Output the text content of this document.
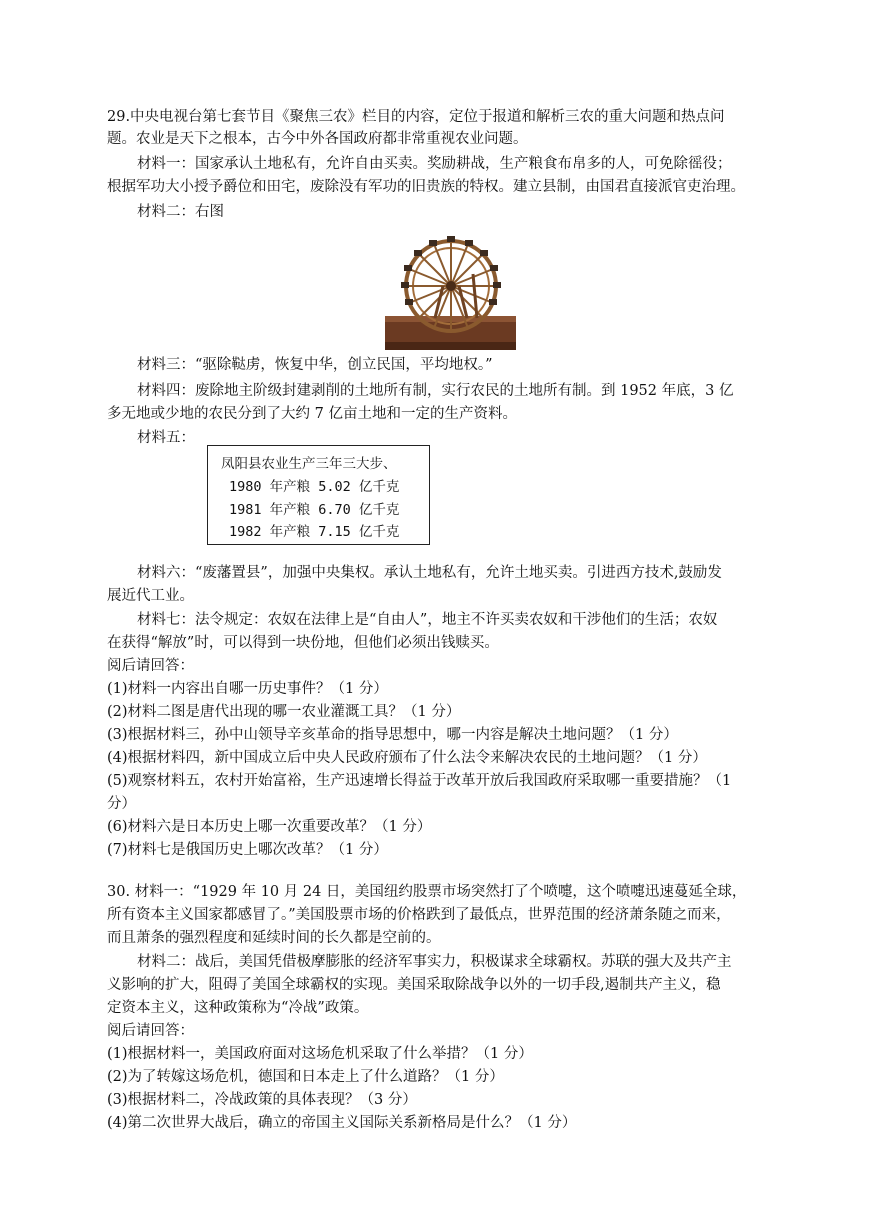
29.中央电视台第七套节目《聚焦三农》栏目的内容，定位于报道和解析三农的重大问题和热点问
题。农业是天下之根本，古今中外各国政府都非常重视农业问题。
材料一：国家承认土地私有，允许自由买卖。奖励耕战，生产粮食布帛多的人，可免除徭役；
根据军功大小授予爵位和田宅，废除没有军功的旧贵族的特权。建立县制，由国君直接派官吏治理。
材料二：右图
材料三：“驱除鞑虏，恢复中华，创立民国，平均地权。”
材料四：废除地主阶级封建剥削的土地所有制，实行农民的土地所有制。到 1952 年底，3 亿
多无地或少地的农民分到了大约 7 亿亩土地和一定的生产资料。
材料五：
凤阳县农业生产三年三大步、
1980 年产粮 5.02 亿千克
1981 年产粮 6.70 亿千克
1982 年产粮 7.15 亿千克
材料六：“废藩置县”，加强中央集权。承认土地私有，允许土地买卖。引进西方技术,鼓励发
展近代工业。
材料七：法令规定：农奴在法律上是“自由人”，地主不许买卖农奴和干涉他们的生活；农奴
在获得“解放”时，可以得到一块份地，但他们必须出钱赎买。
阅后请回答：
(1)材料一内容出自哪一历史事件？（1 分）
(2)材料二图是唐代出现的哪一农业灌溉工具？（1 分）
(3)根据材料三，孙中山领导辛亥革命的指导思想中，哪一内容是解决土地问题？（1 分）
(4)根据材料四，新中国成立后中央人民政府颁布了什么法令来解决农民的土地问题？（1 分）
(5)观察材料五，农村开始富裕，生产迅速增长得益于改革开放后我国政府采取哪一重要措施？（1
分）
(6)材料六是日本历史上哪一次重要改革？（1 分）
(7)材料七是俄国历史上哪次改革？（1 分）
30. 材料一：“1929 年 10 月 24 日，美国纽约股票市场突然打了个喷嚏，这个喷嚏迅速蔓延全球，
所有资本主义国家都感冒了。”美国股票市场的价格跌到了最低点，世界范围的经济萧条随之而来，
而且萧条的强烈程度和延续时间的长久都是空前的。
材料二：战后，美国凭借极摩膨胀的经济军事实力，积极谋求全球霸权。苏联的强大及共产主
义影响的扩大，阻碍了美国全球霸权的实现。美国采取除战争以外的一切手段,遏制共产主义，稳
定资本主义，这种政策称为“冷战”政策。
阅后请回答：
(1)根据材料一，美国政府面对这场危机采取了什么举措？（1 分）
(2)为了转嫁这场危机，德国和日本走上了什么道路？（1 分）
(3)根据材料二，冷战政策的具体表现？（3 分）
(4)第二次世界大战后，确立的帝国主义国际关系新格局是什么？（1 分）
